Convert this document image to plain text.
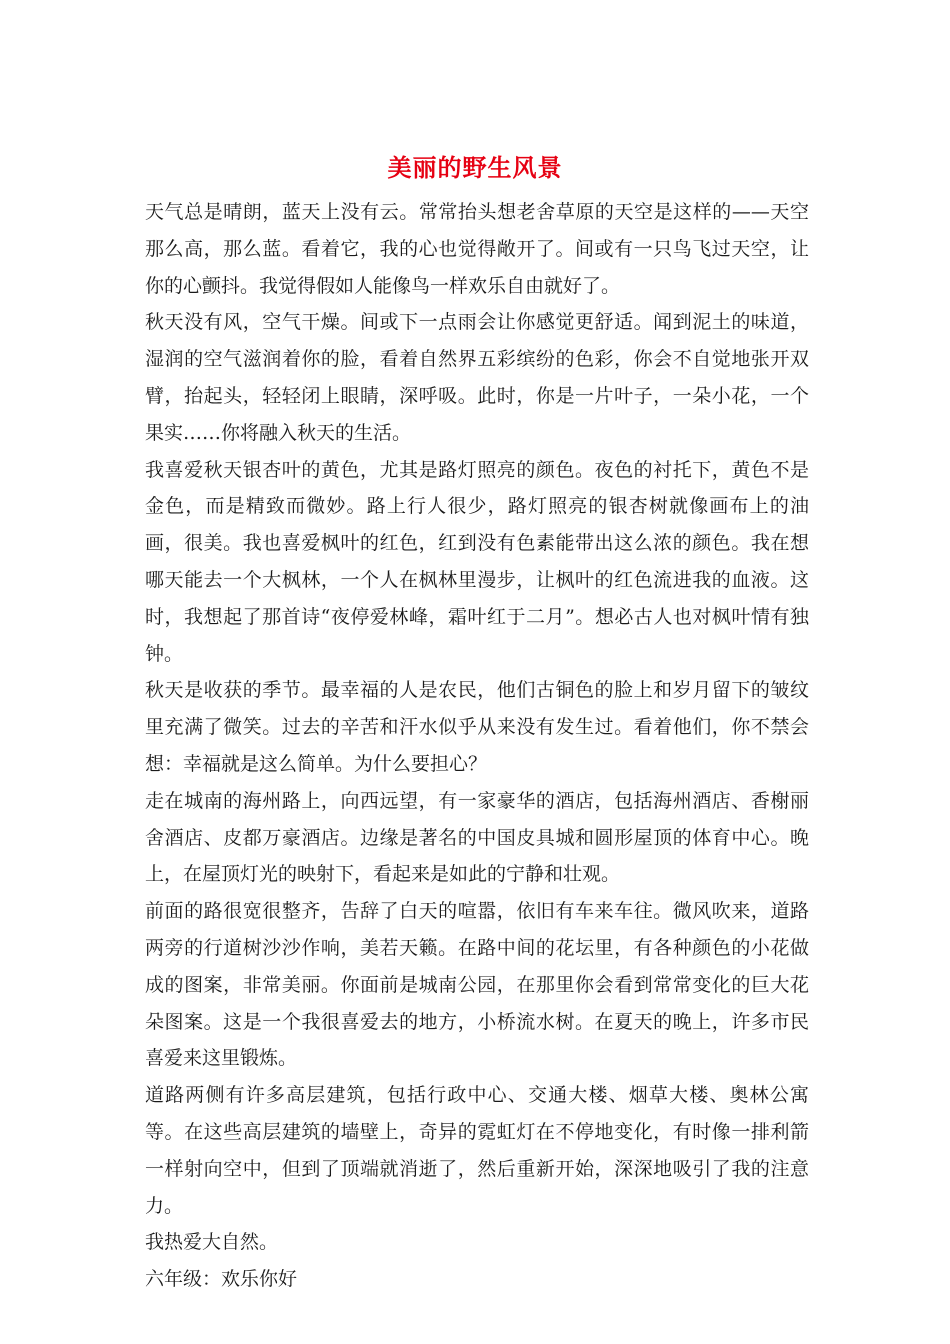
美丽的野生风景

天气总是晴朗，蓝天上没有云。常常抬头想老舍草原的天空是这样的——天空那么高，那么蓝。看着它，我的心也觉得敞开了。间或有一只鸟飞过天空，让你的心颤抖。我觉得假如人能像鸟一样欢乐自由就好了。

秋天没有风，空气干燥。间或下一点雨会让你感觉更舒适。闻到泥土的味道，湿润的空气滋润着你的脸，看着自然界五彩缤纷的色彩，你会不自觉地张开双臂，抬起头，轻轻闭上眼睛，深呼吸。此时，你是一片叶子，一朵小花，一个果实……你将融入秋天的生活。

我喜爱秋天银杏叶的黄色，尤其是路灯照亮的颜色。夜色的衬托下，黄色不是金色，而是精致而微妙。路上行人很少，路灯照亮的银杏树就像画布上的油画，很美。我也喜爱枫叶的红色，红到没有色素能带出这么浓的颜色。我在想哪天能去一个大枫林，一个人在枫林里漫步，让枫叶的红色流进我的血液。这时，我想起了那首诗“夜停爱林峰，霜叶红于二月”。想必古人也对枫叶情有独钟。

秋天是收获的季节。最幸福的人是农民，他们古铜色的脸上和岁月留下的皱纹里充满了微笑。过去的辛苦和汗水似乎从来没有发生过。看着他们，你不禁会想：幸福就是这么简单。为什么要担心？

走在城南的海州路上，向西远望，有一家豪华的酒店，包括海州酒店、香榭丽舍酒店、皮都万豪酒店。边缘是著名的中国皮具城和圆形屋顶的体育中心。晚上，在屋顶灯光的映射下，看起来是如此的宁静和壮观。

前面的路很宽很整齐，告辞了白天的喧嚣，依旧有车来车往。微风吹来，道路两旁的行道树沙沙作响，美若天籁。在路中间的花坛里，有各种颜色的小花做成的图案，非常美丽。你面前是城南公园，在那里你会看到常常变化的巨大花朵图案。这是一个我很喜爱去的地方，小桥流水树。在夏天的晚上，许多市民喜爱来这里锻炼。

道路两侧有许多高层建筑，包括行政中心、交通大楼、烟草大楼、奥林公寓等。在这些高层建筑的墙壁上，奇异的霓虹灯在不停地变化，有时像一排利箭一样射向空中，但到了顶端就消逝了，然后重新开始，深深地吸引了我的注意力。

我热爱大自然。

六年级：欢乐你好
